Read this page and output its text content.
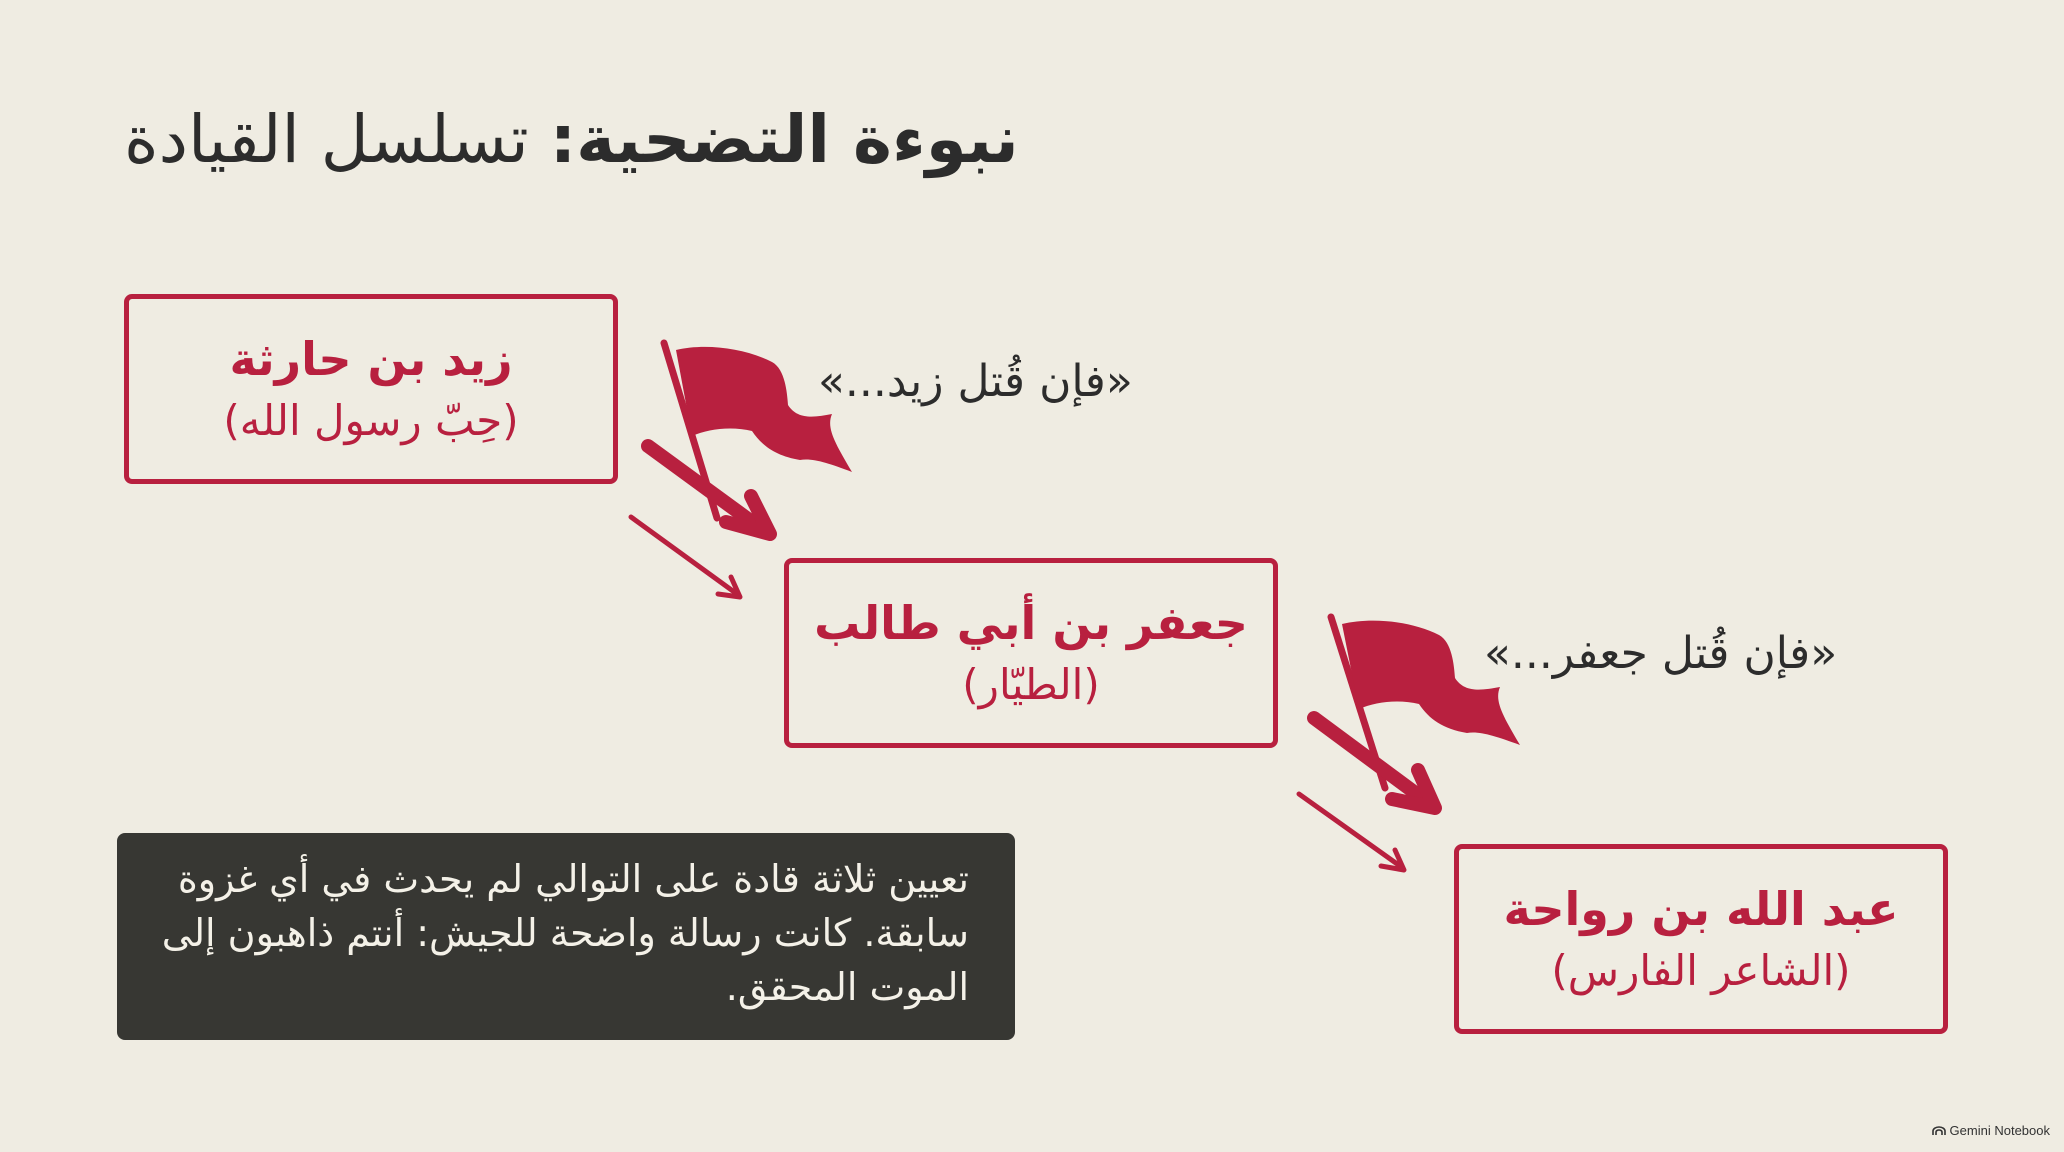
نبوءة التضحية: تسلسل القيادة
زيد بن حارثة
(حِبّ رسول الله)
جعفر بن أبي طالب
(الطيّار)
عبد الله بن رواحة
(الشاعر الفارس)
«فإن قُتل زيد...»
«فإن قُتل جعفر...»
تعيين ثلاثة قادة على التوالي لم يحدث في أي غزوة سابقة. كانت رسالة واضحة للجيش: أنتم ذاهبون إلى الموت المحقق.
Gemini Notebook
